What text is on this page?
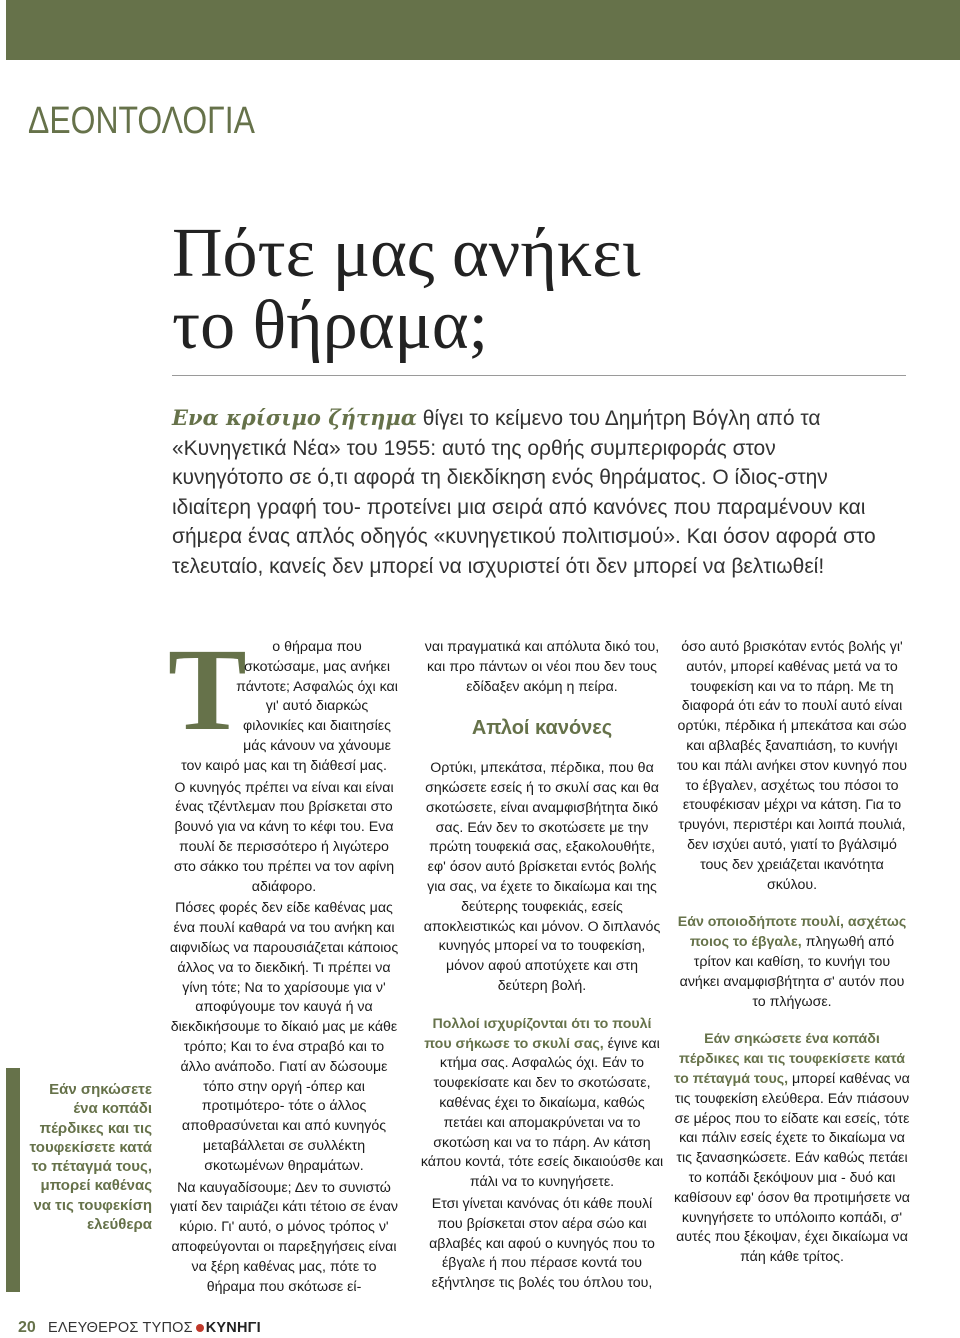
ΔΕΟΝΤΟΛΟΓΙΑ
Πότε μας ανήκει
το θήραμα;
Ενα κρίσιμο ζήτημα θίγει το κείμενο του Δημήτρη Βόγλη από τα «Κυνηγετικά Νέα» του 1955: αυτό της ορθής συμπεριφοράς στον κυνηγότοπο σε ό,τι αφορά τη διεκδίκηση ενός θηράματος. Ο ίδιος-στην ιδιαίτερη γραφή του- προτείνει μια σειρά από κανόνες που παραμένουν και σήμερα ένας απλός οδηγός «κυνηγετικού πολιτισμού». Και όσον αφορά στο τελευταίο, κανείς δεν μπορεί να ισχυριστεί ότι δεν μπορεί να βελτιωθεί!
Τ	ο θήραμα που σκοτώσαμε, μας ανήκει πάντοτε; Ασφαλώς όχι και γι' αυτό διαρκώς φιλονικίες και διαιτησίες μάς κάνουν να χάνουμε τον καιρό μας και τη διάθεσί μας.

Ο κυνηγός πρέπει να είναι και είναι ένας τζέντλεμαν που βρίσκεται στο βουνό για να κάνη το κέφι του. Ενα πουλί δε περισσότερο ή λιγώτερο στο σάκκο του πρέπει να τον αφίνη αδιάφορο.

Πόσες φορές δεν είδε καθένας μας ένα πουλί καθαρά να του ανήκη και αιφνιδίως να παρουσιάζεται κάποιος άλλος να το διεκδική. Τι πρέπει να γίνη τότε; Να το χαρίσουμε για ν' αποφύγουμε τον καυγά ή να διεκδικήσουμε το δίκαιό μας με κάθε τρόπο; Και το ένα στραβό και το άλλο ανάποδο. Γιατί αν δώσουμε τόπο στην οργή -όπερ και προτιμότερο- τότε ο άλλος αποθρασύνεται και από κυνηγός μεταβάλλεται σε συλλέκτη σκοτωμένων θηραμάτων.

Να καυγαδίσουμε; Δεν το συνιστώ γιατί δεν ταιριάζει κάτι τέτοιο σε έναν κύριο. Γι' αυτό, ο μόνος τρόπος ν' αποφεύγονται οι παρεξηγήσεις είναι να ξέρη καθένας μας, πότε το θήραμα που σκότωσε εί-

ναι πραγματικά και απόλυτα δικό του, και προ πάντων οι νέοι που δεν τους εδίδαξεν ακόμη η πείρα.

Απλοί κανόνες

Ορτύκι, μπεκάτσα, πέρδικα, που θα σηκώσετε εσείς ή το σκυλί σας και θα σκοτώσετε, είναι αναμφισβήτητα δικό σας. Εάν δεν το σκοτώσετε με την πρώτη τουφεκιά σας, εξακολουθήτε, εφ' όσον αυτό βρίσκεται εντός βολής για σας, να έχετε το δικαίωμα και της δεύτερης τουφεκιάς, εσείς αποκλειστικώς και μόνον. Ο διπλανός κυνηγός μπορεί να το τουφεκίση, μόνον αφού αποτύχετε και στη δεύτερη βολή.

Πολλοί ισχυρίζονται ότι το πουλί που σήκωσε το σκυλί σας, έγινε και κτήμα σας. Ασφαλώς όχι. Εάν το τουφεκίσατε και δεν το σκοτώσατε, καθένας έχει το δικαίωμα, καθώς πετάει και απομακρύνεται να το σκοτώση και να το πάρη. Αν κάτση κάπου κοντά, τότε εσείς δικαιούσθε και πάλι να το κυνηγήσετε.

Ετσι γίνεται κανόνας ότι κάθε πουλί που βρίσκεται στον αέρα σώο και αβλαβές και αφού ο κυνηγός που το έβγαλε ή που πέρασε κοντά του εξήντλησε τις βολές του όπλου του,

όσο αυτό βρισκόταν εντός βολής γι' αυτόν, μπορεί καθένας μετά να το τουφεκίση και να το πάρη. Με τη διαφορά ότι εάν το πουλί αυτό είναι ορτύκι, πέρδικα ή μπεκάτσα και σώο και αβλαβές ξαναπιάση, το κυνήγι του και πάλι ανήκει στον κυνηγό που το έβγαλεν, ασχέτως του πόσοι το ετουφέκισαν μέχρι να κάτση. Για το τρυγόνι, περιστέρι και λοιπά πουλιά, δεν ισχύει αυτό, γιατί το βγάλσιμό τους δεν χρειάζεται ικανότητα σκύλου.

Εάν οποιοδήποτε πουλί, ασχέτως ποιος το έβγαλε, πληγωθή από τρίτον και καθίση, το κυνήγι του ανήκει αναμφισβήτητα σ' αυτόν που το πλήγωσε.

Εάν σηκώσετε ένα κοπάδι πέρδικες και τις τουφεκίσετε κατά το πέταγμά τους, μπορεί καθένας να τις τουφεκίση ελεύθερα. Εάν πιάσουν σε μέρος που το είδατε και εσείς, τότε και πάλιν εσείς έχετε το δικαίωμα να τις ξανασηκώσετε. Εάν καθώς πετάει το κοπάδι ξεκόψουν μια - δυό και καθίσουν εφ' όσον θα προτιμήσετε να κυνηγήσετε το υπόλοιπο κοπάδι, σ' αυτές που ξέκοψαν, έχει δικαίωμα να πάη κάθε τρίτος.

Εάν σηκώσετε ένα κοπάδι πέρδικες και τις τουφεκίσετε κατά το πέταγμά τους, μπορεί καθένας να τις τουφεκίση ελεύθερα
20 ΕΛΕΥΘΕΡΟΣ ΤΥΠΟΣ ΚΥΝΗΓΙ
